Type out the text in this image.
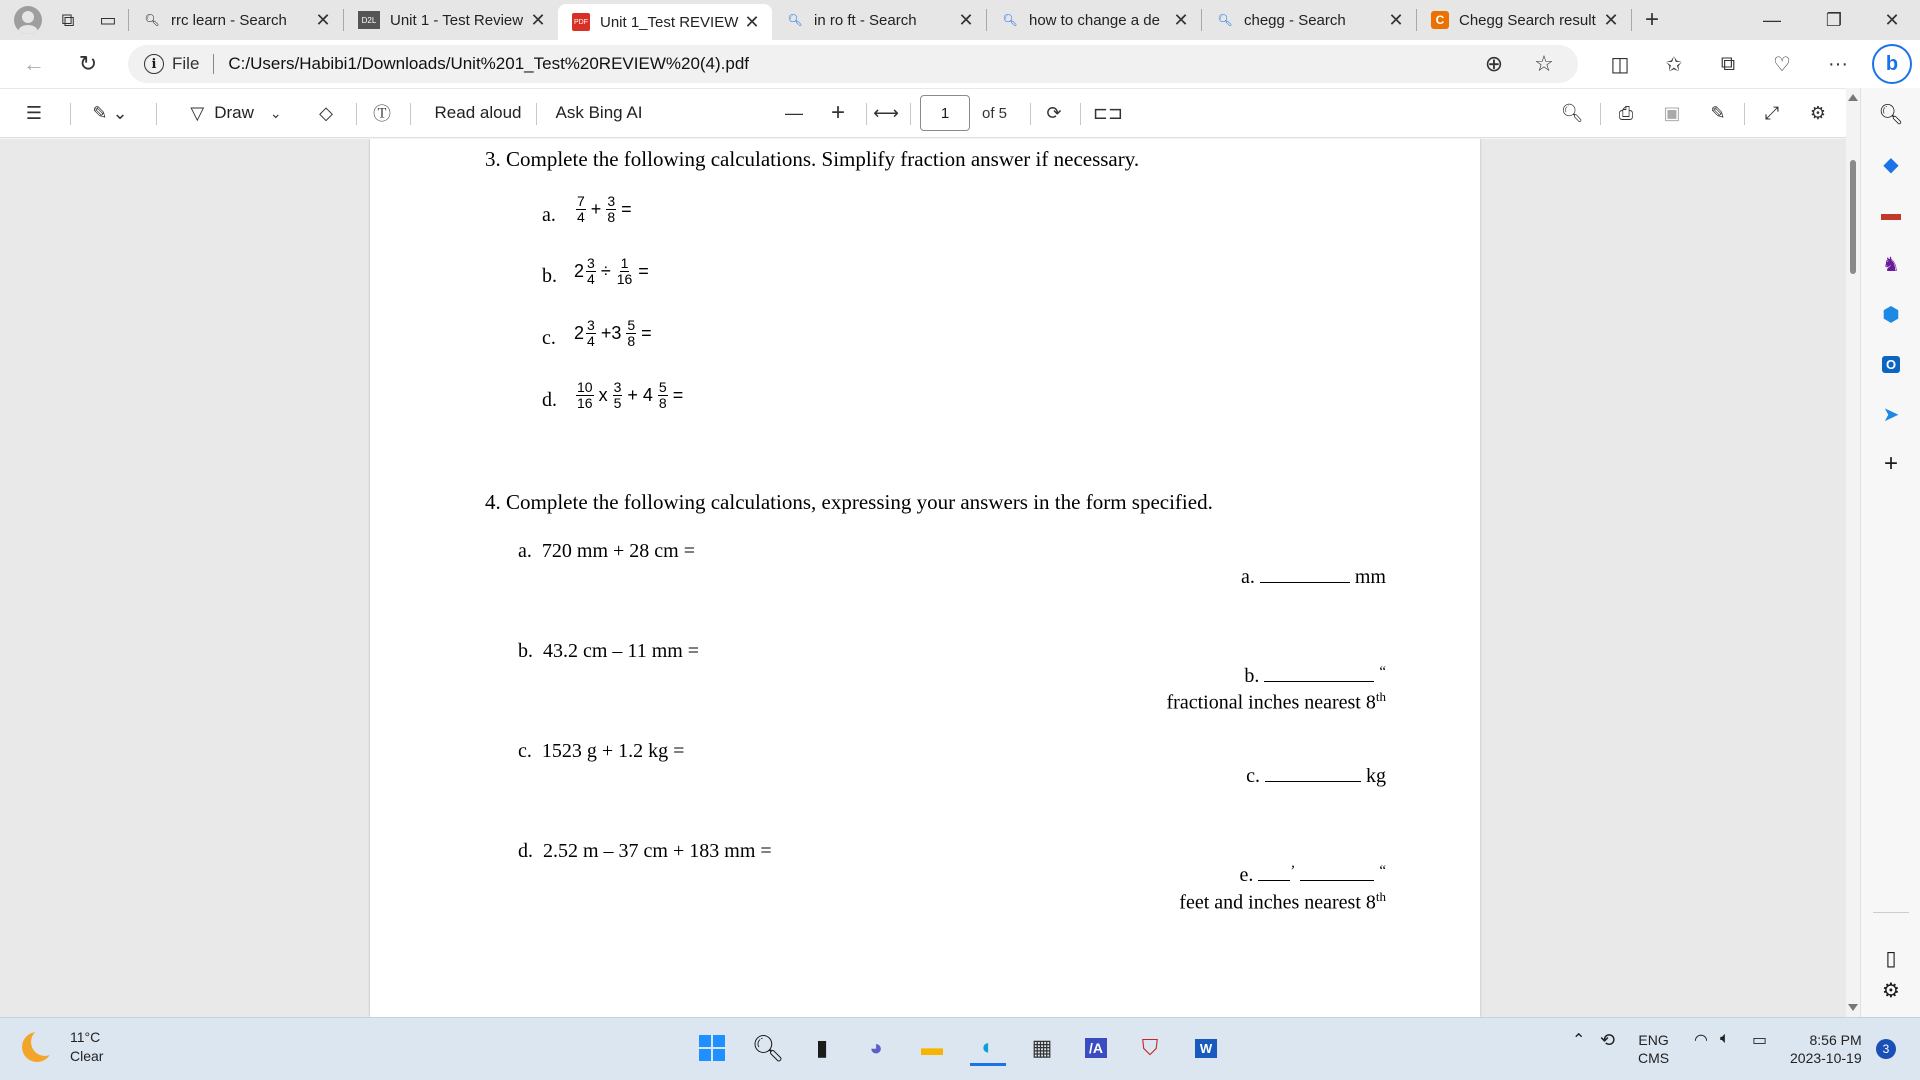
⧉ ▭ 🔍︎ rrc learn - Search	✕	D2L Unit 1 - Test Review ✕	PDF Unit 1_Test REVIEW ✕ 🔍︎ in ro ft - Search	✕ 🔍︎ how to change a de ✕ 🔍︎ chegg - Search	✕	C Chegg Search result ✕ +	— ❐ ✕
← ↻	i File C:/Users/Habibi1/Downloads/Unit%201_Test%20REVIEW%20(4).pdf	⊕ ☆	◫ ✩ ⧉ ♡ ··· b
☰	✎ ⌄	▽ Draw ⌄ ◇ Ⓣ	Read aloud	Ask Bing AI	— + ⟷	1	of 5 ⟳ ⊏⊐	🔍︎ ⎙ ▣ ✎ ⤢ ⚙
3. Complete the following calculations. Simplify fraction answer if necessary.
a. $\frac{7}{4} + \frac{3}{8}$ =
b. $2 \frac{3}{4} \div \frac{1}{16}$ =
c. $2 \frac{3}{4} +3 \frac{5}{8}$ =
d. $\frac{10}{16}$ x $\frac{3}{5} + 4 \frac{5}{8}$ =
4. Complete the following calculations, expressing your answers in the form specified.
a. 720 mm + 28 cm =
a.	mm
b. 43.2 cm – 11 mm =
b.	“
fractional inches nearest 8th
c. 1523 g + 1.2 kg =
c.	kg
d. 2.52 m – 37 cm + 183 mm =
e. ’	“
feet and inches nearest 8th
🔍︎
◆
▬
♞
⬢
O
➤
+
▯
⚙
11°C
Clear	🔍︎ ▮ ◕ ▬ ◐ ▦	/A ⛉	W	⌃ ⟲ ENG
CMS
◠ 🔈︎ ▭	8:56 PM
2023-10-19
3
